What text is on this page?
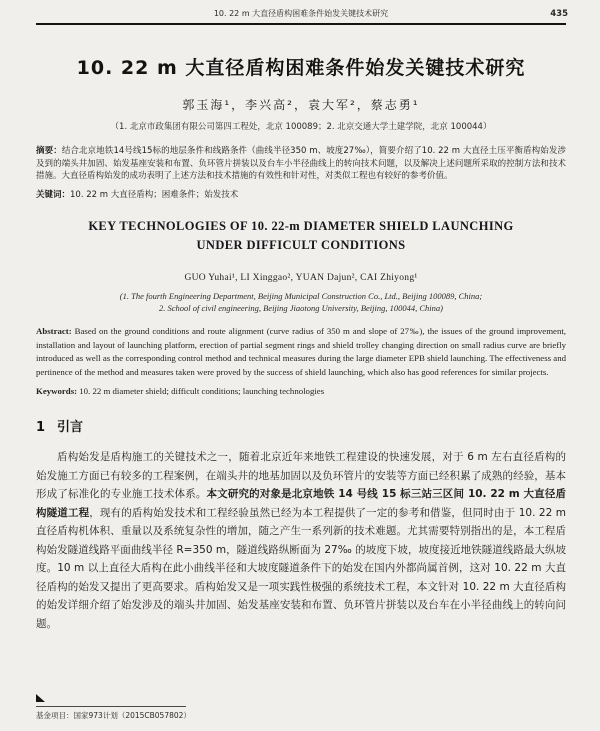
10. 22 m 大直径盾构困难条件始发关键技术研究	435
10. 22 m 大直径盾构困难条件始发关键技术研究
郭玉海¹，李兴高²，袁大军²，蔡志勇¹
（1. 北京市政集团有限公司第四工程处，北京 100089；2. 北京交通大学土建学院，北京 100044）

摘要：结合北京地铁14号线15标的地层条件和线路条件（曲线半径350 m、坡度27‰），简要介绍了10. 22 m 大直径土压平衡盾构始发涉及到的端头井加固、始发基座安装和布置、负环管片拼装以及台车小半径曲线上的转向技术问题，以及解决上述问题所采取的控制方法和技术措施。大直径盾构始发的成功表明了上述方法和技术措施的有效性和针对性，对类似工程也有较好的参考价值。

关键词：10. 22 m 大直径盾构；困难条件；始发技术

KEY TECHNOLOGIES OF 10. 22-m DIAMETER SHIELD LAUNCHING
UNDER DIFFICULT CONDITIONS
GUO Yuhai¹, LI Xinggao², YUAN Dajun², CAI Zhiyong¹
(1. The fourth Engineering Department, Beijing Municipal Construction Co., Ltd., Beijing 100089, China;
2. School of civil engineering, Beijing Jiaotong University, Beijing, 100044, China)

Abstract: Based on the ground conditions and route alignment (curve radius of 350 m and slope of 27‰), the issues of the ground improvement, installation and layout of launching platform, erection of partial segment rings and shield trolley changing direction on small radius curve are briefly introduced as well as the corresponding control method and technical measures during the large diameter EPB shield launching. The effectiveness and pertinence of the method and measures taken were proved by the success of shield launching, which also has good references for similar projects.

Keywords: 10. 22 m diameter shield; difficult conditions; launching technologies

1 引言

盾构始发是盾构施工的关键技术之一，随着北京近年来地铁工程建设的快速发展，对于 6 m 左右直径盾构的始发施工方面已有较多的工程案例，在端头井的地基加固以及负环管片的安装等方面已经积累了成熟的经验，基本形成了标准化的专业施工技术体系。本文研究的对象是北京地铁 14 号线 15 标三站三区间 10. 22 m 大直径盾构隧道工程，现有的盾构始发技术和工程经验虽然已经为本工程提供了一定的参考和借鉴，但同时由于 10. 22 m 直径盾构机体积、重量以及系统复杂性的增加，随之产生一系列新的技术难题。尤其需要特别指出的是，本工程盾构始发隧道线路平面曲线半径 R=350 m，隧道线路纵断面为 27‰ 的坡度下坡，坡度接近地铁隧道线路最大纵坡度。10 m 以上直径大盾构在此小曲线半径和大坡度隧道条件下的始发在国内外都尚属首例，这对 10. 22 m 大直径盾构的始发又提出了更高要求。盾构始发又是一项实践性极强的系统技术工程，本文针对 10. 22 m 大直径盾构的始发详细介绍了始发涉及的端头井加固、始发基座安装和布置、负环管片拼装以及台车在小半径曲线上的转向问题。

基金项目：国家973计划（2015CB057802）
